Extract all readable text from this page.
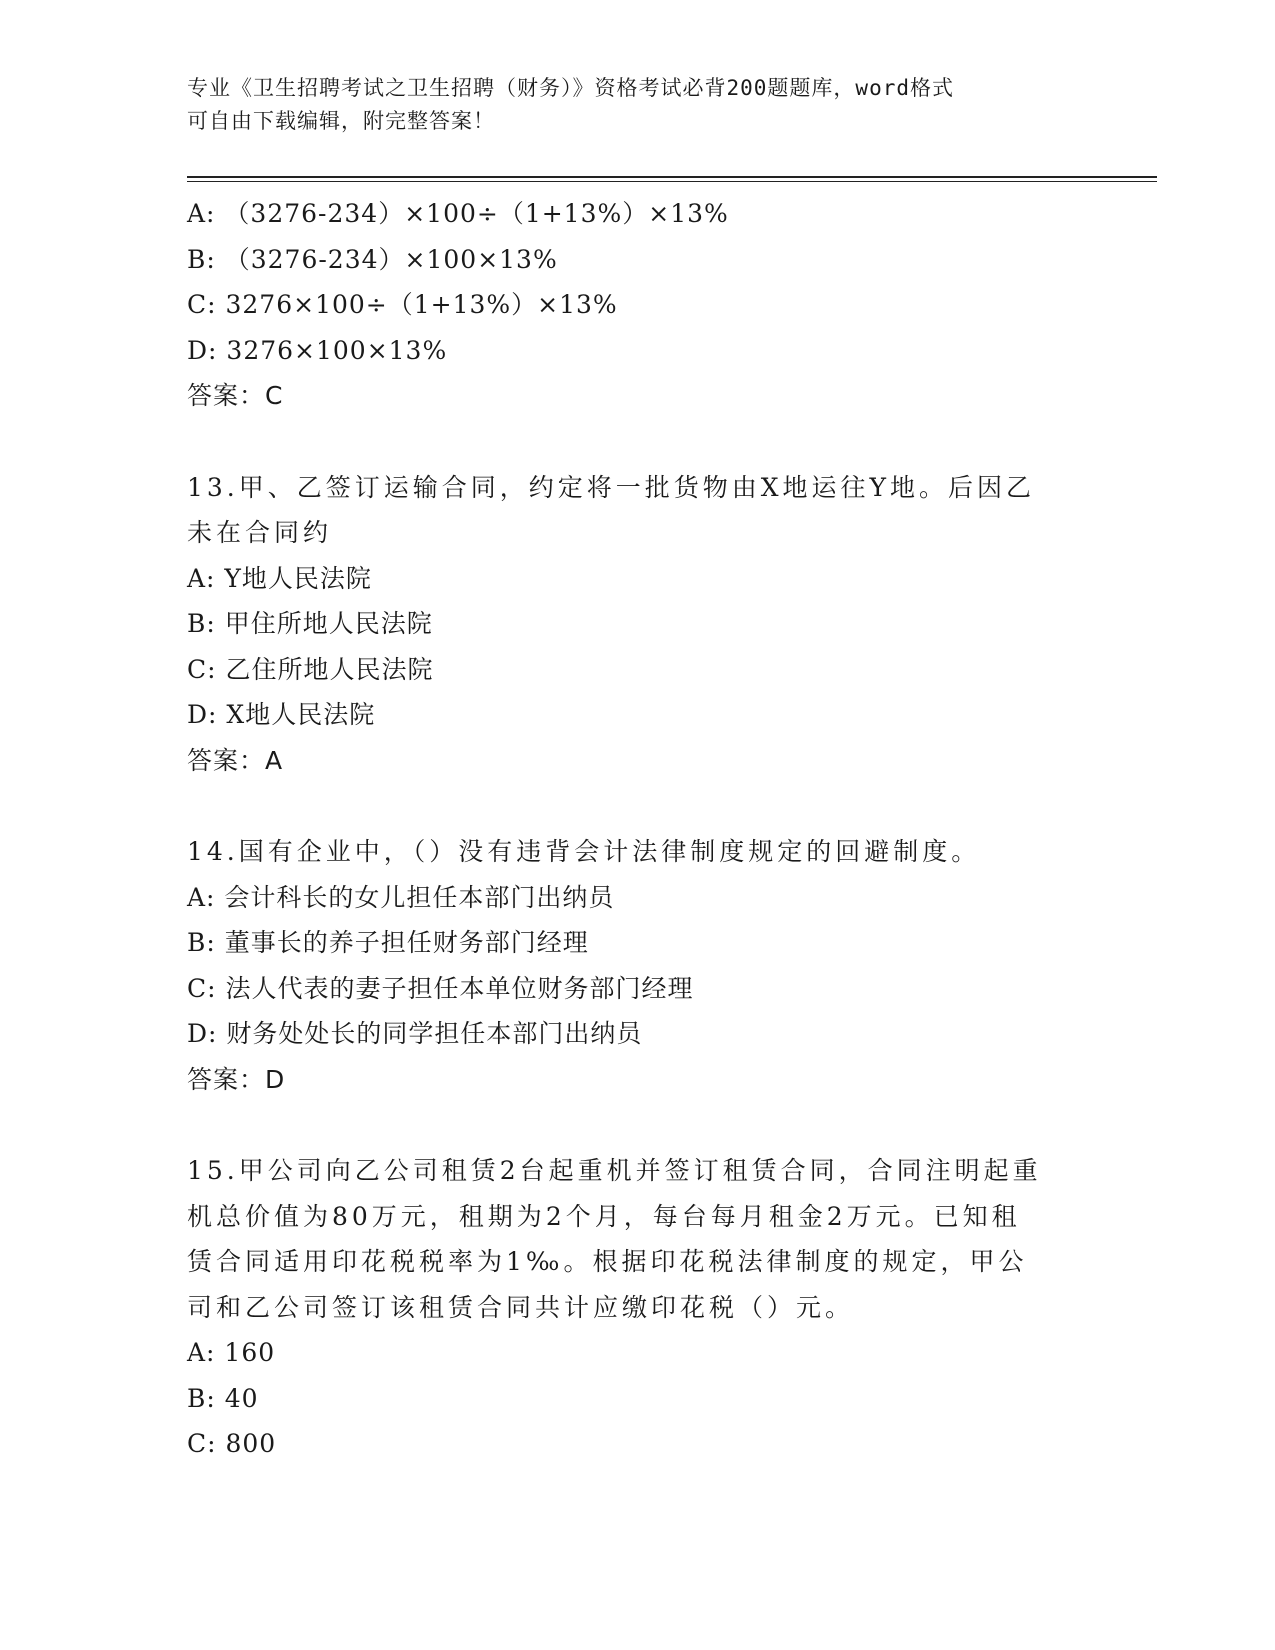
专业《卫生招聘考试之卫生招聘（财务）》资格考试必背200题题库，word格式
可自由下载编辑，附完整答案！
A: （3276-234）×100÷（1+13%）×13%
B: （3276-234）×100×13%
C: 3276×100÷（1+13%）×13%
D: 3276×100×13%
答案：C
13.甲、乙签订运输合同，约定将一批货物由X地运往Y地。后因乙未在合同约
A: Y地人民法院
B: 甲住所地人民法院
C: 乙住所地人民法院
D: X地人民法院
答案：A
14.国有企业中，（）没有违背会计法律制度规定的回避制度。
A: 会计科长的女儿担任本部门出纳员
B: 董事长的养子担任财务部门经理
C: 法人代表的妻子担任本单位财务部门经理
D: 财务处处长的同学担任本部门出纳员
答案：D
15.甲公司向乙公司租赁2台起重机并签订租赁合同，合同注明起重机总价值为80万元，租期为2个月，每台每月租金2万元。已知租赁合同适用印花税税率为1‰。根据印花税法律制度的规定，甲公司和乙公司签订该租赁合同共计应缴印花税（）元。
A: 160
B: 40
C: 800
